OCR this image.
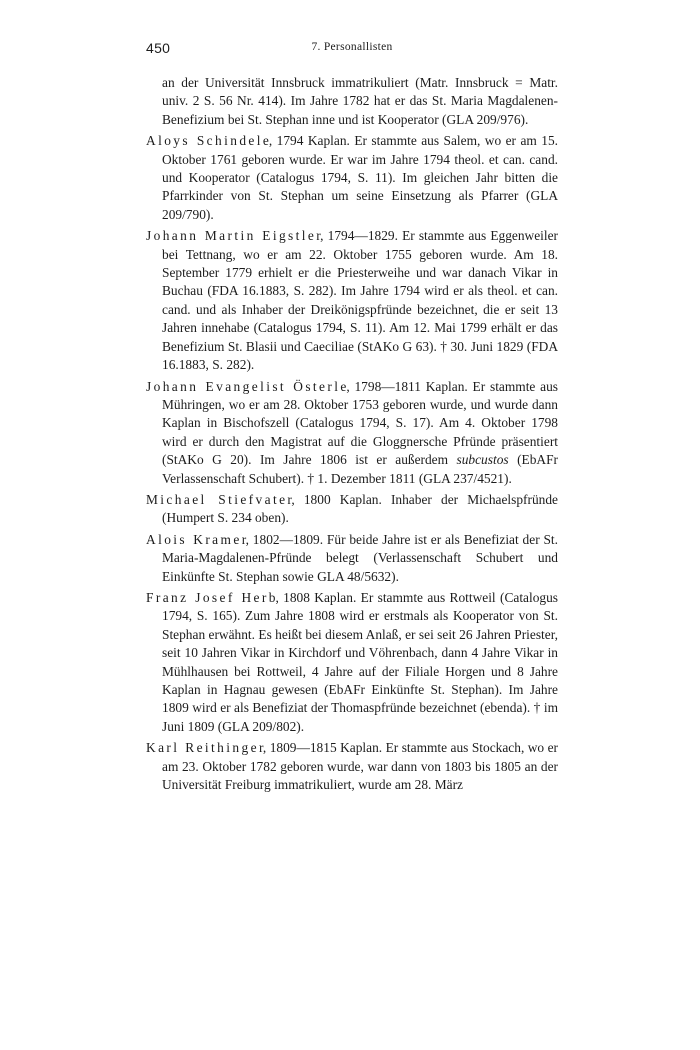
450	7. Personallisten

an der Universität Innsbruck immatrikuliert (Matr. Innsbruck = Matr. univ. 2 S. 56 Nr. 414). Im Jahre 1782 hat er das St. Maria Magdalenen-Benefizium bei St. Stephan inne und ist Kooperator (GLA 209/976).

Aloys Schindele, 1794 Kaplan. Er stammte aus Salem, wo er am 15. Oktober 1761 geboren wurde. Er war im Jahre 1794 theol. et can. cand. und Kooperator (Catalogus 1794, S. 11). Im gleichen Jahr bitten die Pfarrkinder von St. Stephan um seine Einsetzung als Pfarrer (GLA 209/790).

Johann Martin Eigstler, 1794—1829. Er stammte aus Eggenweiler bei Tettnang, wo er am 22. Oktober 1755 geboren wurde. Am 18. September 1779 erhielt er die Priesterweihe und war danach Vikar in Buchau (FDA 16.1883, S. 282). Im Jahre 1794 wird er als theol. et can. cand. und als Inhaber der Dreikönigspfründe bezeichnet, die er seit 13 Jahren innehabe (Catalogus 1794, S. 11). Am 12. Mai 1799 erhält er das Benefizium St. Blasii und Caeciliae (StAKo G 63). † 30. Juni 1829 (FDA 16.1883, S. 282).

Johann Evangelist Österle, 1798—1811 Kaplan. Er stammte aus Mühringen, wo er am 28. Oktober 1753 geboren wurde, und wurde dann Kaplan in Bischofszell (Catalogus 1794, S. 17). Am 4. Oktober 1798 wird er durch den Magistrat auf die Gloggnersche Pfründe präsentiert (StAKo G 20). Im Jahre 1806 ist er außerdem subcustos (EbAFr Verlassenschaft Schubert). † 1. Dezember 1811 (GLA 237/4521).

Michael Stiefvater, 1800 Kaplan. Inhaber der Michaelspfründe (Humpert S. 234 oben).

Alois Kramer, 1802—1809. Für beide Jahre ist er als Benefiziat der St. Maria-Magdalenen-Pfründe belegt (Verlassenschaft Schubert und Einkünfte St. Stephan sowie GLA 48/5632).

Franz Josef Herb, 1808 Kaplan. Er stammte aus Rottweil (Catalogus 1794, S. 165). Zum Jahre 1808 wird er erstmals als Kooperator von St. Stephan erwähnt. Es heißt bei diesem Anlaß, er sei seit 26 Jahren Priester, seit 10 Jahren Vikar in Kirchdorf und Vöhrenbach, dann 4 Jahre Vikar in Mühlhausen bei Rottweil, 4 Jahre auf der Filiale Horgen und 8 Jahre Kaplan in Hagnau gewesen (EbAFr Einkünfte St. Stephan). Im Jahre 1809 wird er als Benefiziat der Thomaspfründe bezeichnet (ebenda). † im Juni 1809 (GLA 209/802).

Karl Reithinger, 1809—1815 Kaplan. Er stammte aus Stockach, wo er am 23. Oktober 1782 geboren wurde, war dann von 1803 bis 1805 an der Universität Freiburg immatrikuliert, wurde am 28. März
